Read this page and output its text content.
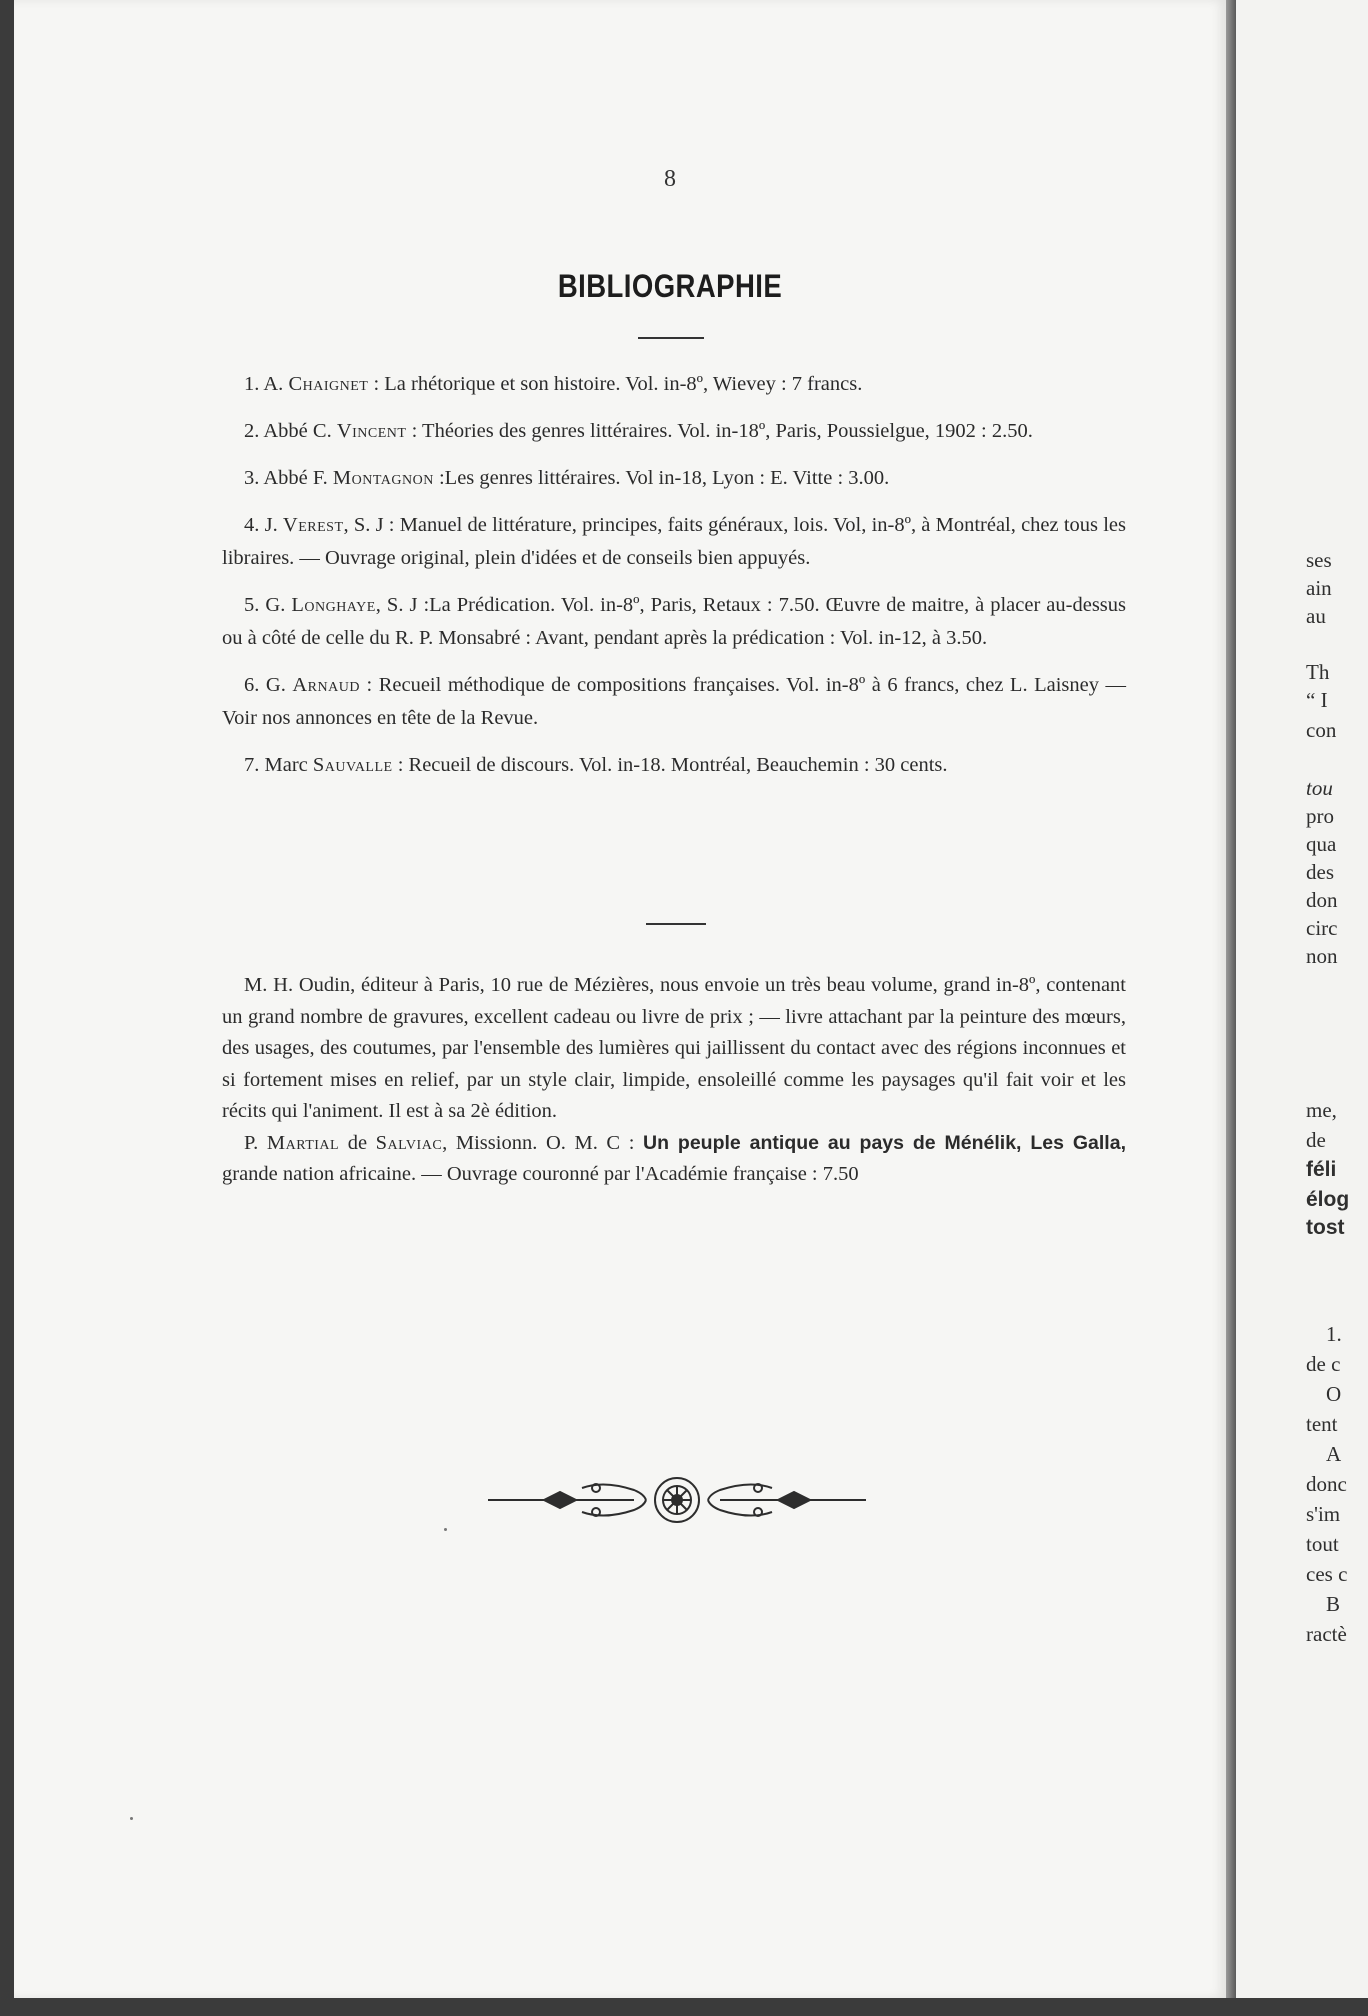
8
BIBLIOGRAPHIE

1. A. Chaignet : La rhétorique et son histoire. Vol. in-8º, Wievey : 7 francs.

2. Abbé C. Vincent : Théories des genres littéraires. Vol. in-18º, Paris, Poussielgue, 1902 : 2.50.

3. Abbé F. Montagnon :Les genres littéraires. Vol in-18, Lyon : E. Vitte : 3.00.

4. J. Verest, S. J : Manuel de littérature, principes, faits généraux, lois. Vol, in-8º, à Montréal, chez tous les libraires. — Ouvrage original, plein d'idées et de conseils bien appuyés.

5. G. Longhaye, S. J :La Prédication. Vol. in-8º, Paris, Retaux : 7.50. Œuvre de maitre, à placer au-dessus ou à côté de celle du R. P. Monsabré : Avant, pendant après la prédication : Vol. in-12, à 3.50.

6. G. Arnaud : Recueil méthodique de compositions françaises. Vol. in-8º à 6 francs, chez L. Laisney — Voir nos annonces en tête de la Revue.

7. Marc Sauvalle : Recueil de discours. Vol. in-18. Montréal, Beauchemin : 30 cents.

M. H. Oudin, éditeur à Paris, 10 rue de Mézières, nous envoie un très beau volume, grand in-8º, contenant un grand nombre de gravures, excellent cadeau ou livre de prix ; — livre attachant par la peinture des mœurs, des usages, des coutumes, par l'ensemble des lumières qui jaillissent du contact avec des régions inconnues et si fortement mises en relief, par un style clair, limpide, ensoleillé comme les paysages qu'il fait voir et les récits qui l'animent. Il est à sa 2è édition.

P. Martial de Salviac, Missionn. O. M. C : Un peuple antique au pays de Ménélik, Les Galla, grande nation africaine. — Ouvrage couronné par l'Académie française : 7.50

ses
ain
au
Th
“ I
con
tou
pro
qua
des
don
circ
non
me,
de
féli
élog
tost
1.
de c
O
tent
A
donc
s'im
tout
ces c
B
ractè
